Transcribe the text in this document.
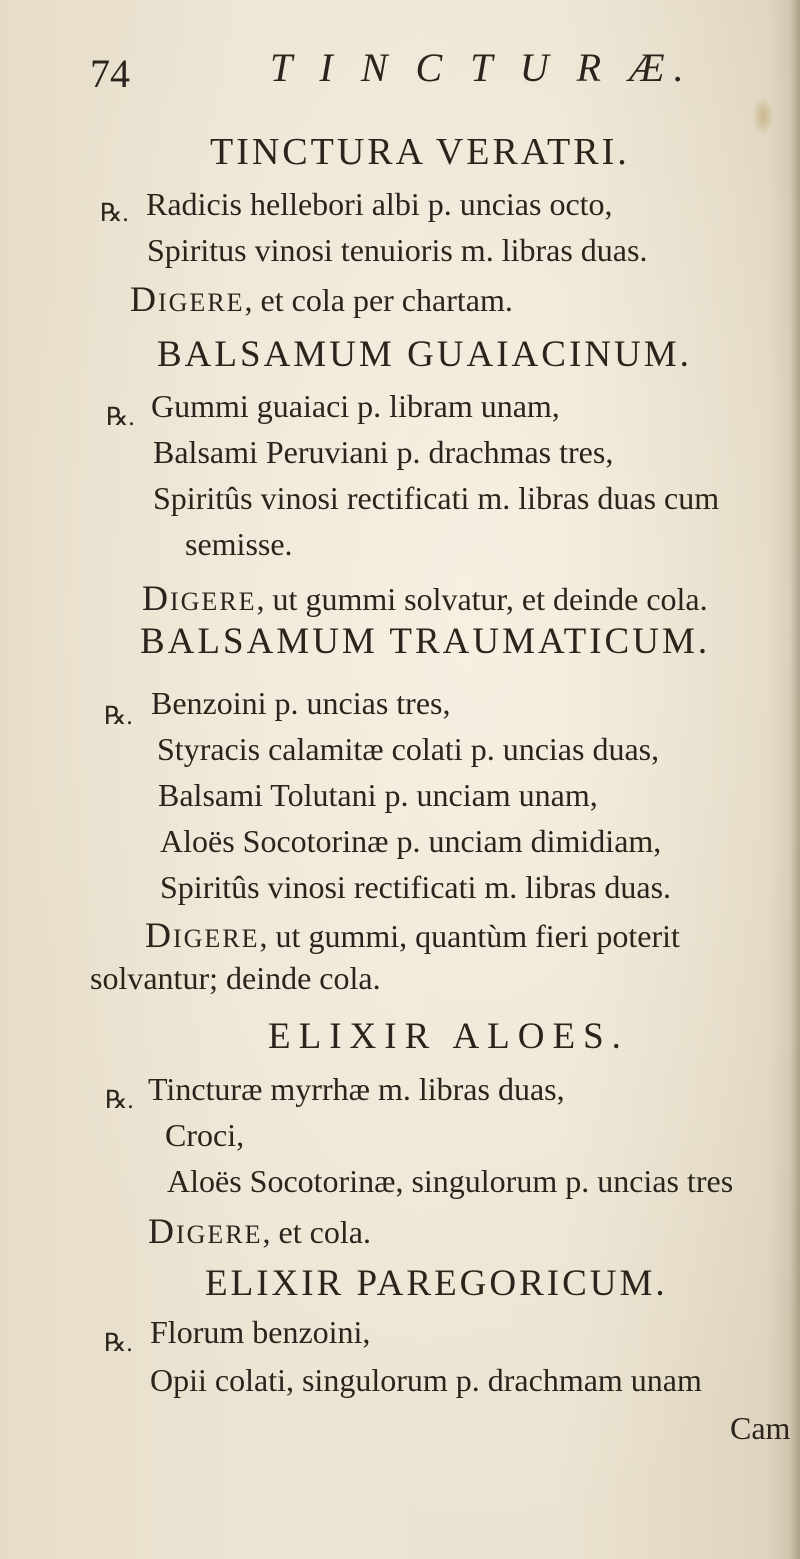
74	T I N C T U R Æ.
TINCTURA VERATRI.
℞. Radicis hellebori albi p. uncias octo,
Spiritus vinosi tenuioris m. libras duas.
DIGERE, et cola per chartam.
BALSAMUM GUAIACINUM.
℞. Gummi guaiaci p. libram unam,
Balsami Peruviani p. drachmas tres,
Spiritûs vinosi rectificati m. libras duas cum
semisse.
DIGERE, ut gummi solvatur, et deinde cola.
BALSAMUM TRAUMATICUM.
℞. Benzoini p. uncias tres,
Styracis calamitæ colati p. uncias duas,
Balsami Tolutani p. unciam unam,
Aloës Socotorinæ p. unciam dimidiam,
Spiritûs vinosi rectificati m. libras duas.
DIGERE, ut gummi, quantùm fieri poterit
solvantur; deinde cola.
ELIXIR ALOES.
℞. Tincturæ myrrhæ m. libras duas,
Croci,
Aloës Socotorinæ, singulorum p. uncias tres
DIGERE, et cola.
ELIXIR PAREGORICUM.
℞. Florum benzoini,
Opii colati, singulorum p. drachmam unam
Cam
